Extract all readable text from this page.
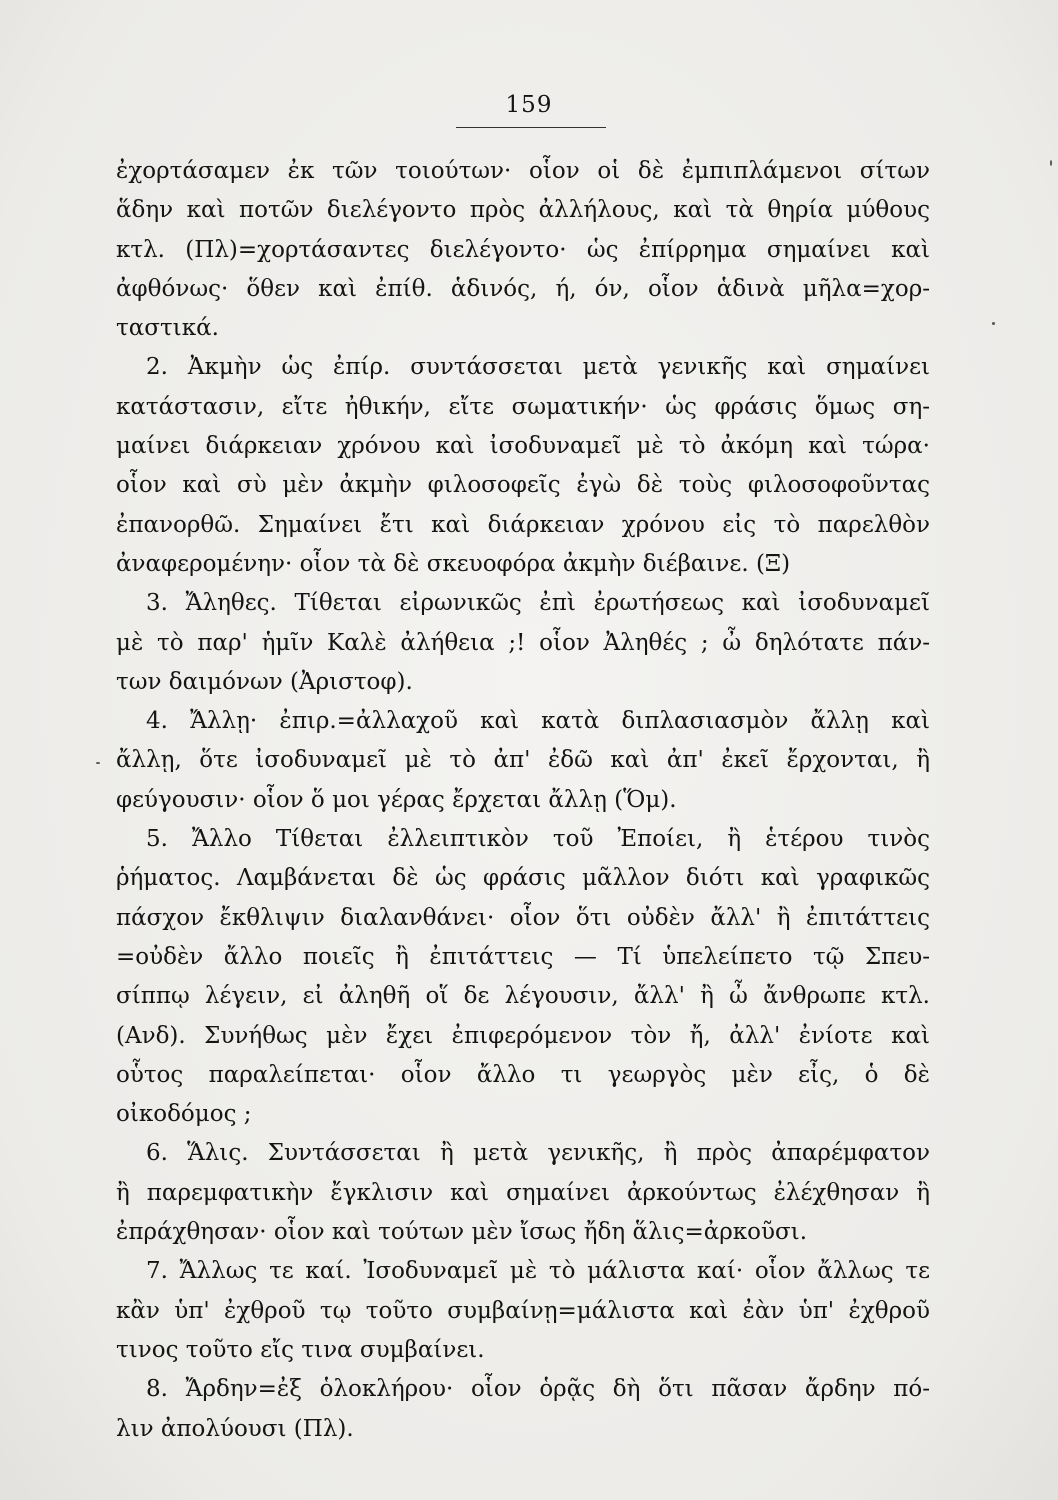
159
ἐχορτάσαμεν ἐκ τῶν τοιούτων· οἷον οἱ δὲ ἐμπιπλάμενοι σίτων
ἅδην καὶ ποτῶν διελέγοντο πρὸς ἀλλήλους, καὶ τὰ θηρία μύθους
κτλ. (Πλ)=χορτάσαντες διελέγοντο· ὡς ἐπίρρημα σημαίνει καὶ
ἀφθόνως· ὅθεν καὶ ἐπίθ. ἁδινός, ή, όν, οἷον ἁδινὰ μῆλα=χορ-
ταστικά.
2. Ἀκμὴν ὡς ἐπίρ. συντάσσεται μετὰ γενικῆς καὶ σημαίνει
κατάστασιν, εἴτε ἠθικήν, εἴτε σωματικήν· ὡς φράσις ὅμως ση-
μαίνει διάρκειαν χρόνου καὶ ἰσοδυναμεῖ μὲ τὸ ἀκόμη καὶ τώρα·
οἷον καὶ σὺ μὲν ἀκμὴν φιλοσοφεῖς ἐγὼ δὲ τοὺς φιλοσοφοῦντας
ἐπανορθῶ. Σημαίνει ἔτι καὶ διάρκειαν χρόνου εἰς τὸ παρελθὸν
ἀναφερομένην· οἷον τὰ δὲ σκευοφόρα ἀκμὴν διέβαινε. (Ξ)
3. Ἄληθες. Τίθεται εἰρωνικῶς ἐπὶ ἐρωτήσεως καὶ ἰσοδυναμεῖ
μὲ τὸ παρ' ἡμῖν Καλὲ ἀλήθεια ;! οἷον Ἀληθές ; ὦ δηλότατε πάν-
των δαιμόνων (Ἀριστοφ).
4. Ἄλλῃ· ἐπιρ.=ἀλλαχοῦ καὶ κατὰ διπλασιασμὸν ἄλλῃ καὶ
ἄλλῃ, ὅτε ἰσοδυναμεῖ μὲ τὸ ἀπ' ἐδῶ καὶ ἀπ' ἐκεῖ ἔρχονται, ἢ
φεύγουσιν· οἷον ὅ μοι γέρας ἔρχεται ἄλλῃ (Ὅμ).
5. Ἄλλο Τίθεται ἐλλειπτικὸν τοῦ Ἐποίει, ἢ ἑτέρου τινὸς
ῥήματος. Λαμβάνεται δὲ ὡς φράσις μᾶλλον διότι καὶ γραφικῶς
πάσχον ἔκθλιψιν διαλανθάνει· οἷον ὅτι οὐδὲν ἄλλ' ἢ ἐπιτάττεις
=οὐδὲν ἄλλο ποιεῖς ἢ ἐπιτάττεις — Τί ὑπελείπετο τῷ Σπευ-
σίππῳ λέγειν, εἰ ἀληθῆ οἵ δε λέγουσιν, ἄλλ' ἢ ὦ ἄνθρωπε κτλ.
(Ανδ). Συνήθως μὲν ἔχει ἐπιφερόμενον τὸν ἤ, ἀλλ' ἐνίοτε καὶ
οὗτος παραλείπεται· οἷον ἄλλο τι γεωργὸς μὲν εἶς, ὁ δὲ
οἰκοδόμος ;
6. Ἅλις. Συντάσσεται ἢ μετὰ γενικῆς, ἢ πρὸς ἀπαρέμφατον
ἢ παρεμφατικὴν ἔγκλισιν καὶ σημαίνει ἀρκούντως ἐλέχθησαν ἢ
ἐπράχθησαν· οἷον καὶ τούτων μὲν ἴσως ἤδη ἅλις=ἀρκοῦσι.
7. Ἄλλως τε καί. Ἰσοδυναμεῖ μὲ τὸ μάλιστα καί· οἷον ἄλλως τε
κἂν ὑπ' ἐχθροῦ τῳ τοῦτο συμβαίνῃ=μάλιστα καὶ ἐὰν ὑπ' ἐχθροῦ
τινος τοῦτο εἴς τινα συμβαίνει.
8. Ἄρδην=ἐξ ὁλοκλήρου· οἷον ὁρᾷς δὴ ὅτι πᾶσαν ἄρδην πό-
λιν ἀπολύουσι (Πλ).
